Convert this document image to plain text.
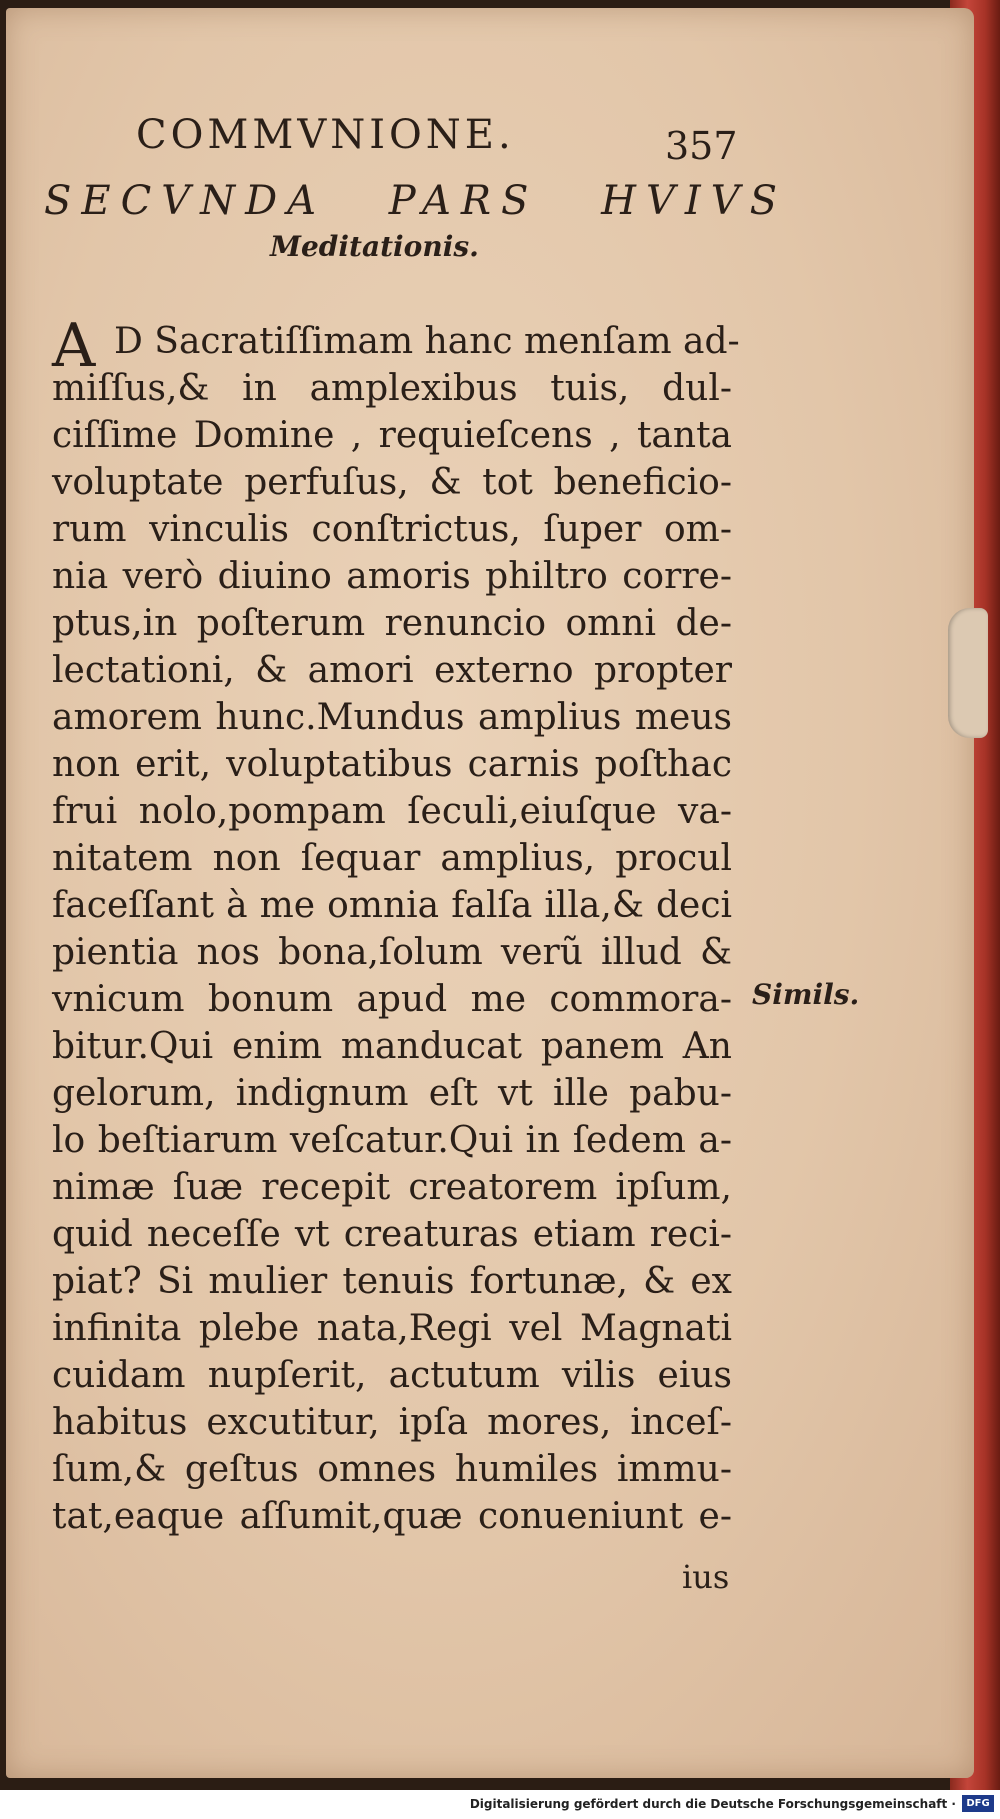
COMMVNIONE.	357
SECVNDA PARS HVIVS
Meditationis.
A D Sacratiſſimam hanc menſam ad-
miſſus,& in amplexibus tuis, dul-
ciſſime Domine , requieſcens , tanta
voluptate perfuſus, & tot beneficio-
rum vinculis conſtrictus, ſuper om-
nia verò diuino amoris philtro corre-
ptus,in poſterum renuncio omni de-
lectationi, & amori externo propter
amorem hunc.Mundus amplius meus
non erit, voluptatibus carnis poſthac
frui nolo,pompam ſeculi,eiuſque va-
nitatem non ſequar amplius, procul
faceſſant à me omnia falſa illa,& deci
pientia nos bona,ſolum verũ illud &
vnicum bonum apud me commora-
bitur.Qui enim manducat panem An
gelorum, indignum eſt vt ille pabu-
lo beſtiarum veſcatur.Qui in ſedem a-
nimæ ſuæ recepit creatorem ipſum,
quid neceſſe vt creaturas etiam reci-
piat? Si mulier tenuis fortunæ, & ex
infinita plebe nata,Regi vel Magnati
cuidam nupſerit, actutum vilis eius
habitus excutitur, ipſa mores, inceſ-
ſum,& geſtus omnes humiles immu-
tat,eaque aſſumit,quæ conueniunt e-
ius
Simils.
Digitalisierung gefördert durch die Deutsche Forschungsgemeinschaft ·	DFG
